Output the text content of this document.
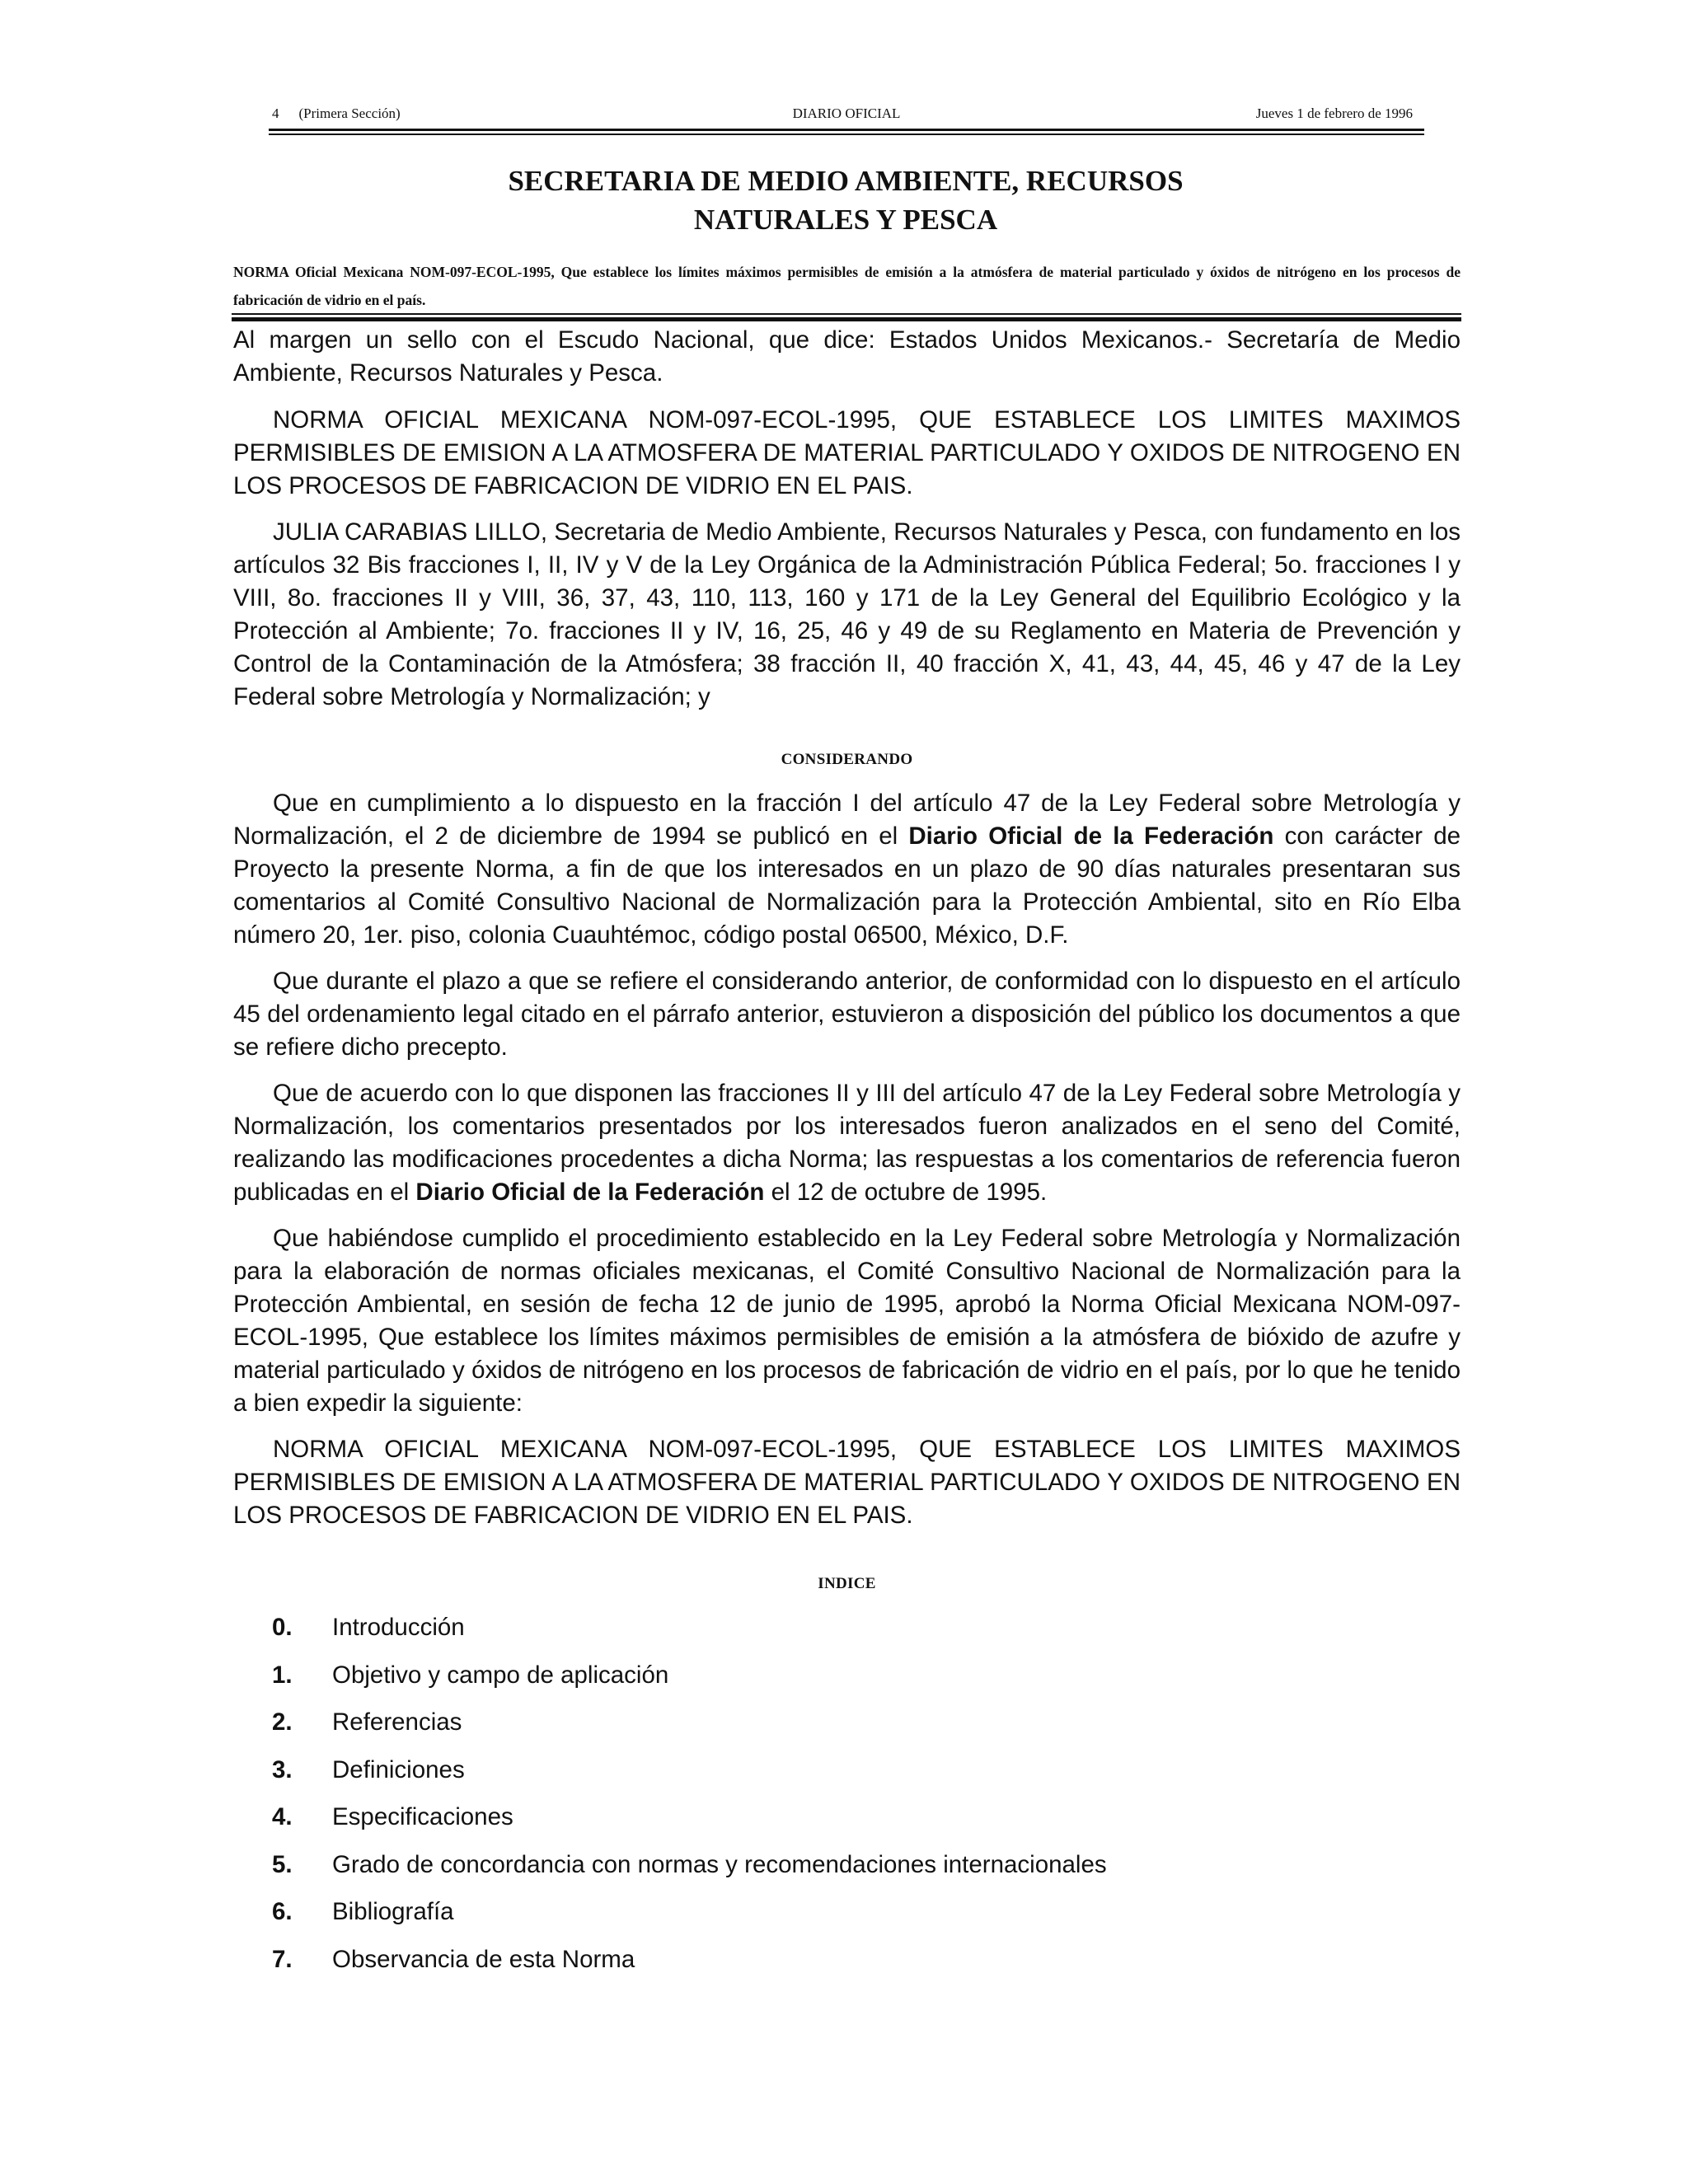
4 (Primera Sección)	DIARIO OFICIAL	Jueves 1 de febrero de 1996
SECRETARIA DE MEDIO AMBIENTE, RECURSOS
NATURALES Y PESCA
NORMA Oficial Mexicana NOM-097-ECOL-1995, Que establece los límites máximos permisibles de emisión a la atmósfera de material particulado y óxidos de nitrógeno en los procesos de fabricación de vidrio en el país.

Al margen un sello con el Escudo Nacional, que dice: Estados Unidos Mexicanos.- Secretaría de Medio Ambiente, Recursos Naturales y Pesca.

NORMA OFICIAL MEXICANA NOM-097-ECOL-1995, QUE ESTABLECE LOS LIMITES MAXIMOS PERMISIBLES DE EMISION A LA ATMOSFERA DE MATERIAL PARTICULADO Y OXIDOS DE NITROGENO EN LOS PROCESOS DE FABRICACION DE VIDRIO EN EL PAIS.

JULIA CARABIAS LILLO, Secretaria de Medio Ambiente, Recursos Naturales y Pesca, con fundamento en los artículos 32 Bis fracciones I, II, IV y V de la Ley Orgánica de la Administración Pública Federal; 5o. fracciones I y VIII, 8o. fracciones II y VIII, 36, 37, 43, 110, 113, 160 y 171 de la Ley General del Equilibrio Ecológico y la Protección al Ambiente; 7o. fracciones II y IV, 16, 25, 46 y 49 de su Reglamento en Materia de Prevención y Control de la Contaminación de la Atmósfera; 38 fracción II, 40 fracción X, 41, 43, 44, 45, 46 y 47 de la Ley Federal sobre Metrología y Normalización; y

CONSIDERANDO

Que en cumplimiento a lo dispuesto en la fracción I del artículo 47 de la Ley Federal sobre Metrología y Normalización, el 2 de diciembre de 1994 se publicó en el Diario Oficial de la Federación con carácter de Proyecto la presente Norma, a fin de que los interesados en un plazo de 90 días naturales presentaran sus comentarios al Comité Consultivo Nacional de Normalización para la Protección Ambiental, sito en Río Elba número 20, 1er. piso, colonia Cuauhtémoc, código postal 06500, México, D.F.

Que durante el plazo a que se refiere el considerando anterior, de conformidad con lo dispuesto en el artículo 45 del ordenamiento legal citado en el párrafo anterior, estuvieron a disposición del público los documentos a que se refiere dicho precepto.

Que de acuerdo con lo que disponen las fracciones II y III del artículo 47 de la Ley Federal sobre Metrología y Normalización, los comentarios presentados por los interesados fueron analizados en el seno del Comité, realizando las modificaciones procedentes a dicha Norma; las respuestas a los comentarios de referencia fueron publicadas en el Diario Oficial de la Federación el 12 de octubre de 1995.

Que habiéndose cumplido el procedimiento establecido en la Ley Federal sobre Metrología y Normalización para la elaboración de normas oficiales mexicanas, el Comité Consultivo Nacional de Normalización para la Protección Ambiental, en sesión de fecha 12 de junio de 1995, aprobó la Norma Oficial Mexicana NOM-097-ECOL-1995, Que establece los límites máximos permisibles de emisión a la atmósfera de bióxido de azufre y material particulado y óxidos de nitrógeno en los procesos de fabricación de vidrio en el país, por lo que he tenido a bien expedir la siguiente:

NORMA OFICIAL MEXICANA NOM-097-ECOL-1995, QUE ESTABLECE LOS LIMITES MAXIMOS PERMISIBLES DE EMISION A LA ATMOSFERA DE MATERIAL PARTICULADO Y OXIDOS DE NITROGENO EN LOS PROCESOS DE FABRICACION DE VIDRIO EN EL PAIS.

INDICE
0. Introducción
1. Objetivo y campo de aplicación
2. Referencias
3. Definiciones
4. Especificaciones
5. Grado de concordancia con normas y recomendaciones internacionales
6. Bibliografía
7. Observancia de esta Norma
